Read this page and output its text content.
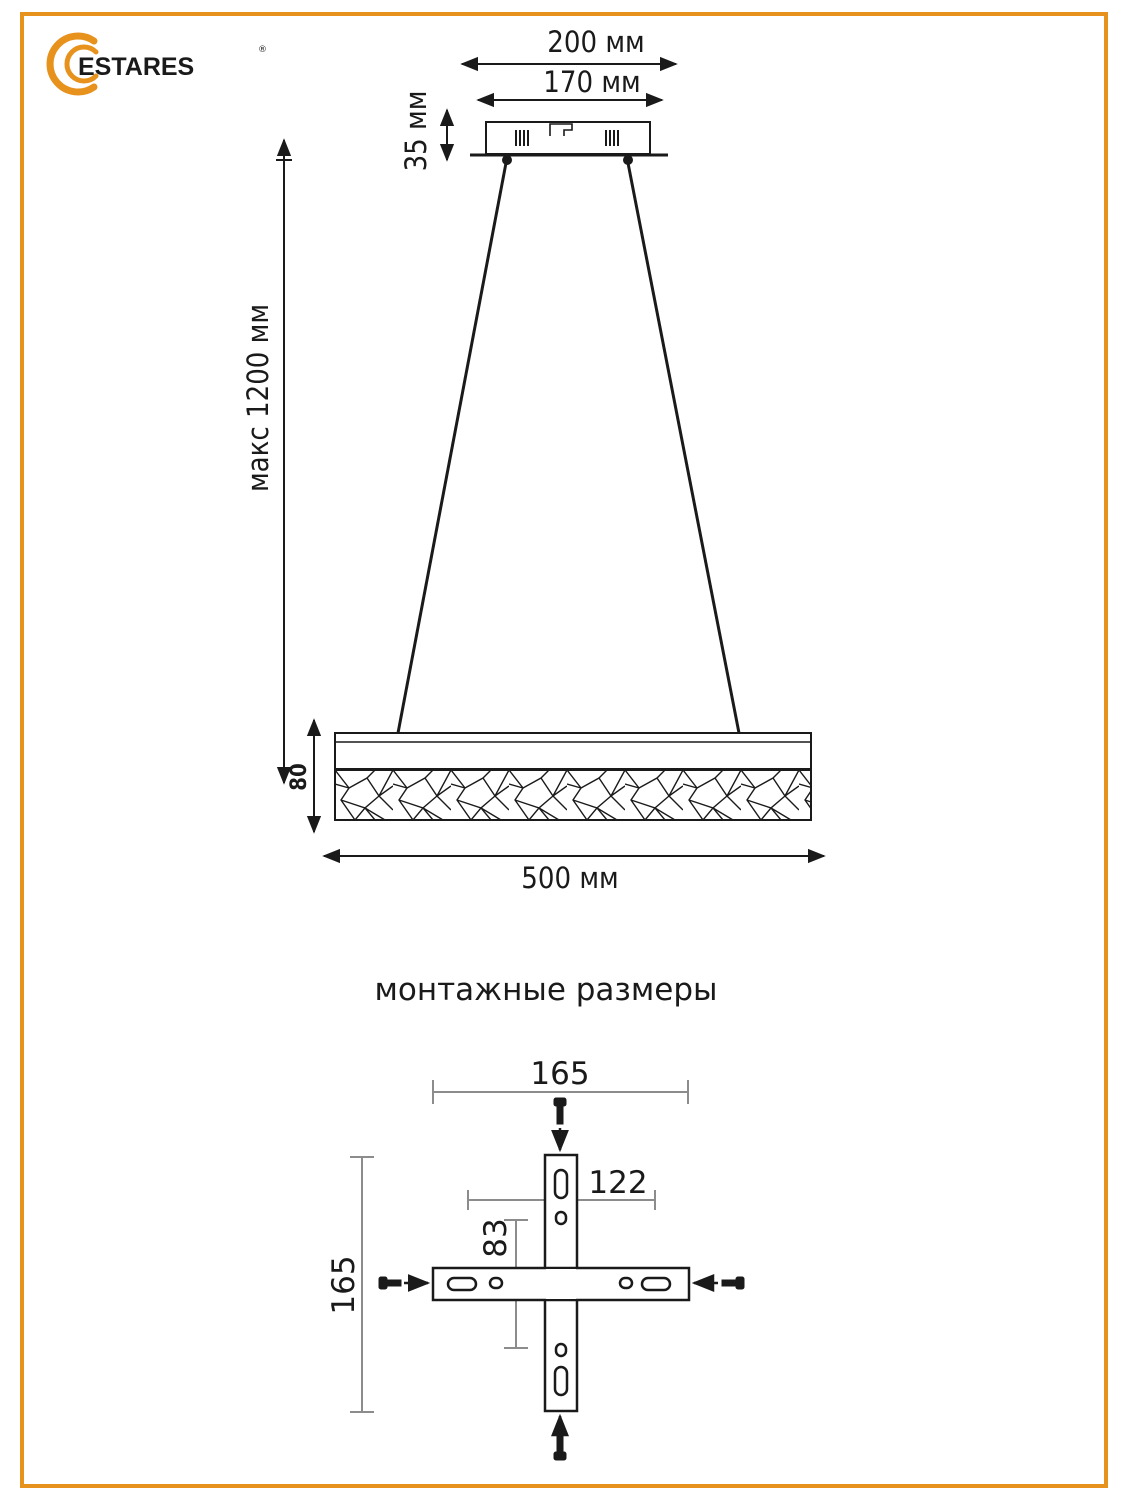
ESTARES
®	200 мм
170 мм
35 мм
макс 1200 мм
80
500 мм
монтажные размеры
165
165
122
83
